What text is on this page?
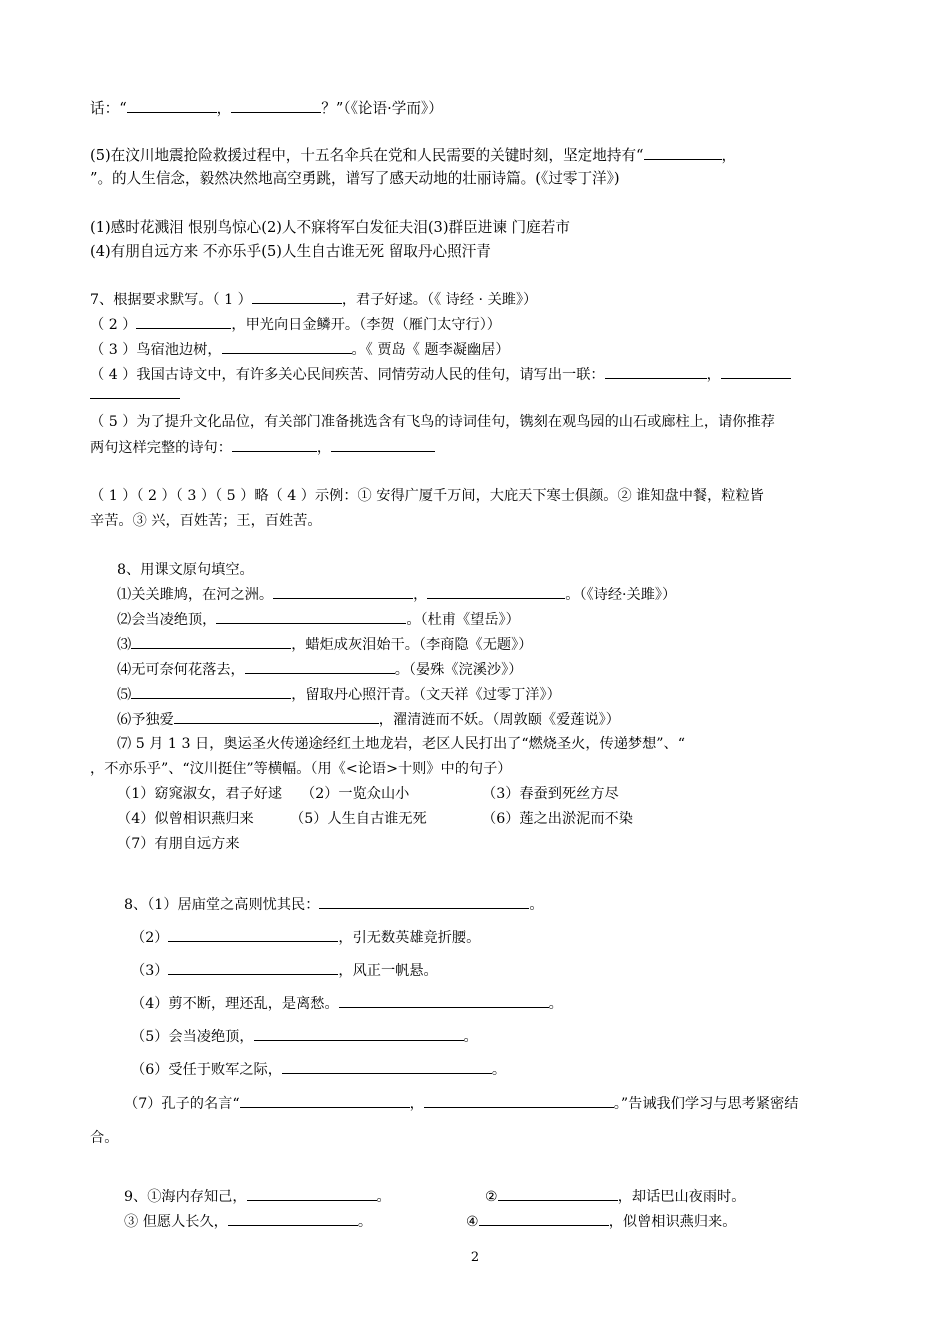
话：“	，	？”（《论语·学而》）
(5)在汶川地震抢险救援过程中，十五名伞兵在党和人民需要的关键时刻，坚定地持有“	，
”。的人生信念，毅然决然地高空勇跳，谱写了感天动地的壮丽诗篇。(《过零丁洋》)
(1)感时花溅泪 恨别鸟惊心(2)人不寐将军白发征夫泪(3)群臣进谏 门庭若市
(4)有朋自远方来 不亦乐乎(5)人生自古谁无死 留取丹心照汗青
7、根据要求默写。（ 1 ）	，君子好逑。（《 诗经 · 关雎》）
（ 2 ）	，甲光向日金鳞开。（李贺（雁门太守行））
（ 3 ）鸟宿池边树，	。《 贾岛《 题李凝幽居）
（ 4 ）我国古诗文中，有许多关心民间疾苦、同情劳动人民的佳句，请写出一联：	，
（ 5 ）为了提升文化品位，有关部门准备挑选含有飞鸟的诗词佳句，镌刻在观鸟园的山石或廊柱上，请你推荐
两句这样完整的诗句：	，
（ 1 ）（ 2 ）（ 3 ）（ 5 ）略（ 4 ）示例：① 安得广厦千万间，大庇天下寒士俱颜。② 谁知盘中餐，粒粒皆
辛苦。③ 兴，百姓苦；王，百姓苦。
8、用课文原句填空。
⑴关关雎鸠，在河之洲。	，	。（《诗经·关雎》）
⑵会当凌绝顶，	。（杜甫《望岳》）
⑶	，蜡炬成灰泪始干。（李商隐《无题》）
⑷无可奈何花落去，	。（晏殊《浣溪沙》）
⑸	，留取丹心照汗青。（文天祥《过零丁洋》）
⑹予独爱	，濯清涟而不妖。（周敦颐《爱莲说》）
⑺ 5 月 1 3 日，奥运圣火传递途经红土地龙岩，老区人民打出了“燃烧圣火，传递梦想”、“
，不亦乐乎”、“汶川挺住”等横幅。（用《<论语>十则》中的句子）
（1）窈窕淑女，君子好逑 （2）一览众山小	（3）春蚕到死丝方尽
（4）似曾相识燕归来	（5）人生自古谁无死	（6）莲之出淤泥而不染
（7）有朋自远方来
8、（1）居庙堂之高则忧其民：	。
（2）	，引无数英雄竞折腰。
（3）	，风正一帆悬。
（4）剪不断，理还乱，是离愁。	。
（5）会当凌绝顶，	。
（6）受任于败军之际，	。
（7）孔子的名言“	，	。”告诫我们学习与思考紧密结
合。
9、①海内存知己，	。	②	，却话巴山夜雨时。
③ 但愿人长久，	。	④	，似曾相识燕归来。
2
